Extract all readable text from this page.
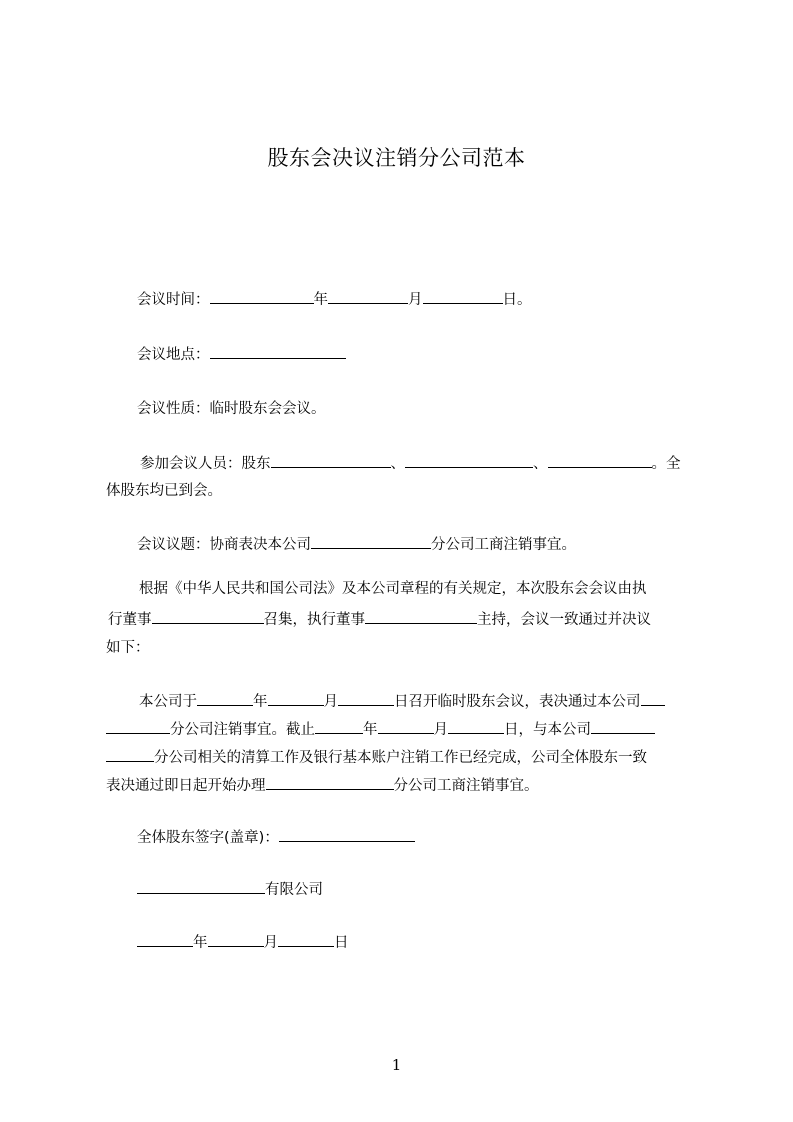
股东会决议注销分公司范本
会议时间：	年	月	日。
会议地点：
会议性质：临时股东会会议。
参加会议人员：股东	、	、	。全
体股东均已到会。
会议议题：协商表决本公司	分公司工商注销事宜。
根据《中华人民共和国公司法》及本公司章程的有关规定，本次股东会会议由执
行董事	召集，执行董事	主持，会议一致通过并决议
如下：
本公司于	年	月	日召开临时股东会议，表决通过本公司
分公司注销事宜。截止	年	月	日，与本公司
分公司相关的清算工作及银行基本账户注销工作已经完成，公司全体股东一致
表决通过即日起开始办理	分公司工商注销事宜。
全体股东签字(盖章)：
有限公司
年	月	日
1
